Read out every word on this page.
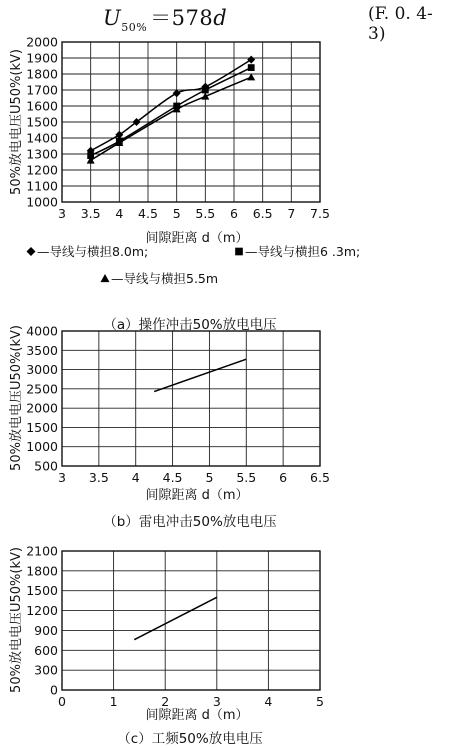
$U_{50\%} =578d$	(F. 0. 4-3)
3 3.5 4 4.5 5 5.5 6 6.5 7 7.5
1000
1100
1200
1300
1400
1500
1600
1700
1800
1900
2000
间隙距离 d（m）
50%放电电压U50%(kV)
（a）操作冲击50%放电电压
—导线与横担8.0m;	—导线与横担6 .3m;
—导线与横担5.5m
3 3.5 4 4.5 5 5.5 6 6.5
500
1000
1500
2000
2500
3000
3500
4000
间隙距离 d（m）
50%放电电压U50%(kV)
（b）雷电冲击50%放电电压
0	1	2	3	4	5
0
300
600
900
1200
1500
1800
2100
间隙距离 d（m）
50%放电电压U50%(kV)
（c）工频50%放电电压
